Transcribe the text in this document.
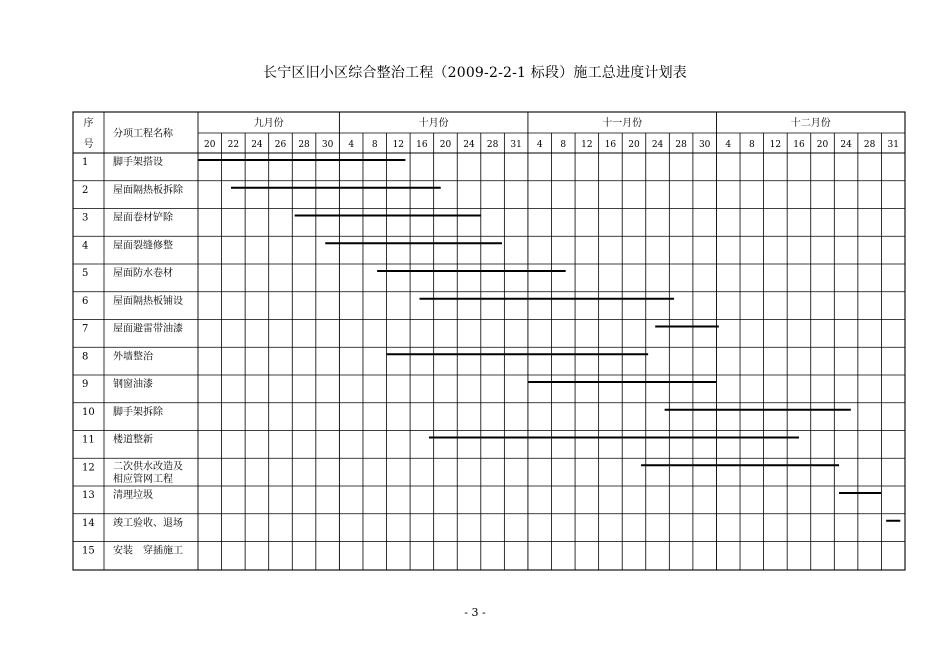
长宁区旧小区综合整治工程（2009-2-2-1 标段）施工总进度计划表
序
号
分项工程名称
九月份
20 22 24 26 28 30
十月份
4 8 12 16 20 24 28 31
十一月份
4 8 12 16 20 24 28 30
十二月份
4 8 12 16 20 24 28 31
1 脚手架搭设
2 屋面隔热板拆除
3 屋面卷材铲除
4 屋面裂缝修整
5 屋面防水卷材
6 屋面隔热板铺设
7 屋面避雷带油漆
8 外墙整治
9 钢窗油漆
10 脚手架拆除
11 楼道整新
12 二次供水改造及
相应管网工程
13 清理垃圾
14 竣工验收、退场
15 安装　穿插施工
- 3 -
